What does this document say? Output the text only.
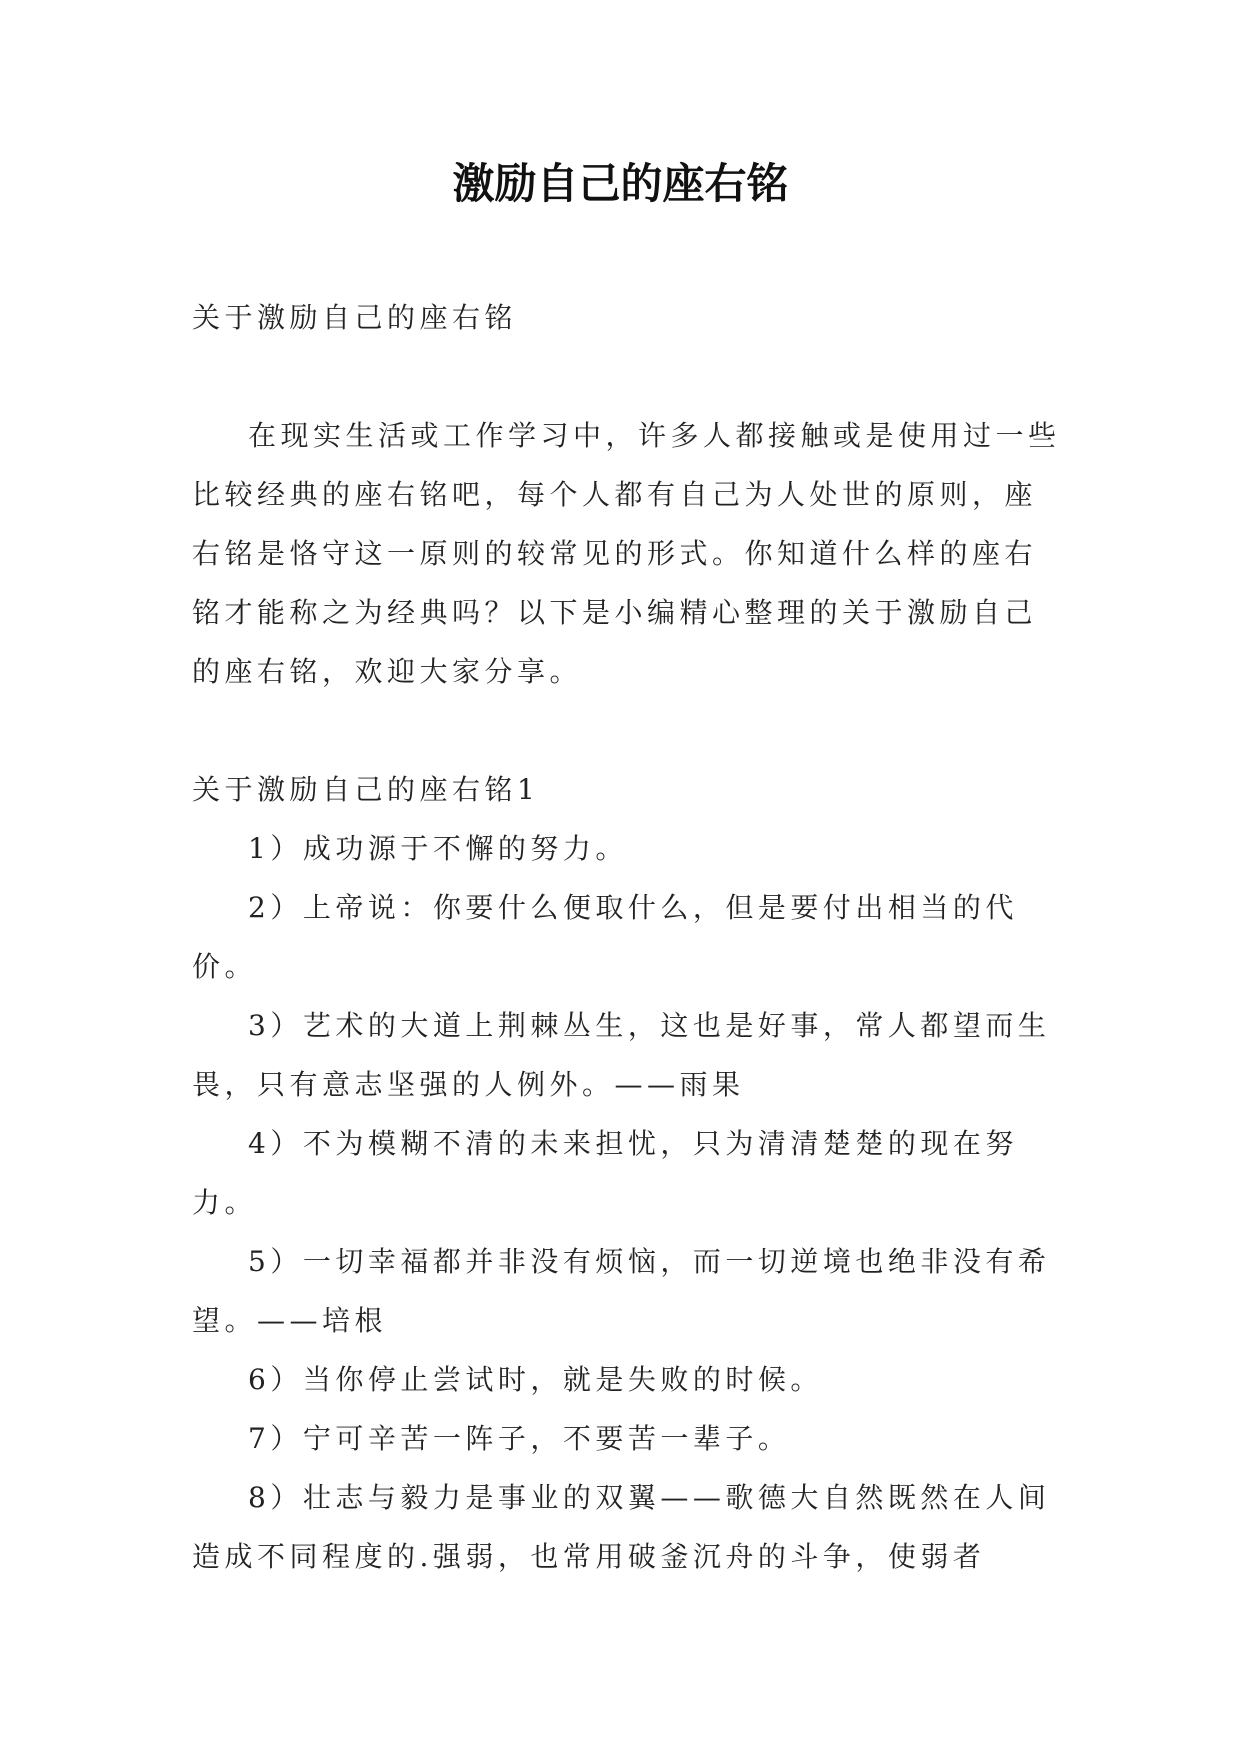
激励自己的座右铭

关于激励自己的座右铭

在现实生活或工作学习中，许多人都接触或是使用过一些比较经典的座右铭吧，每个人都有自己为人处世的原则，座右铭是恪守这一原则的较常见的形式。你知道什么样的座右铭才能称之为经典吗？以下是小编精心整理的关于激励自己的座右铭，欢迎大家分享。

关于激励自己的座右铭1

1）成功源于不懈的努力。

2）上帝说：你要什么便取什么，但是要付出相当的代价。

3）艺术的大道上荆棘丛生，这也是好事，常人都望而生畏，只有意志坚强的人例外。——雨果

4）不为模糊不清的未来担忧，只为清清楚楚的现在努力。

5）一切幸福都并非没有烦恼，而一切逆境也绝非没有希望。——培根

6）当你停止尝试时，就是失败的时候。

7）宁可辛苦一阵子，不要苦一辈子。

8）壮志与毅力是事业的双翼——歌德大自然既然在人间造成不同程度的.强弱，也常用破釜沉舟的斗争，使弱者
